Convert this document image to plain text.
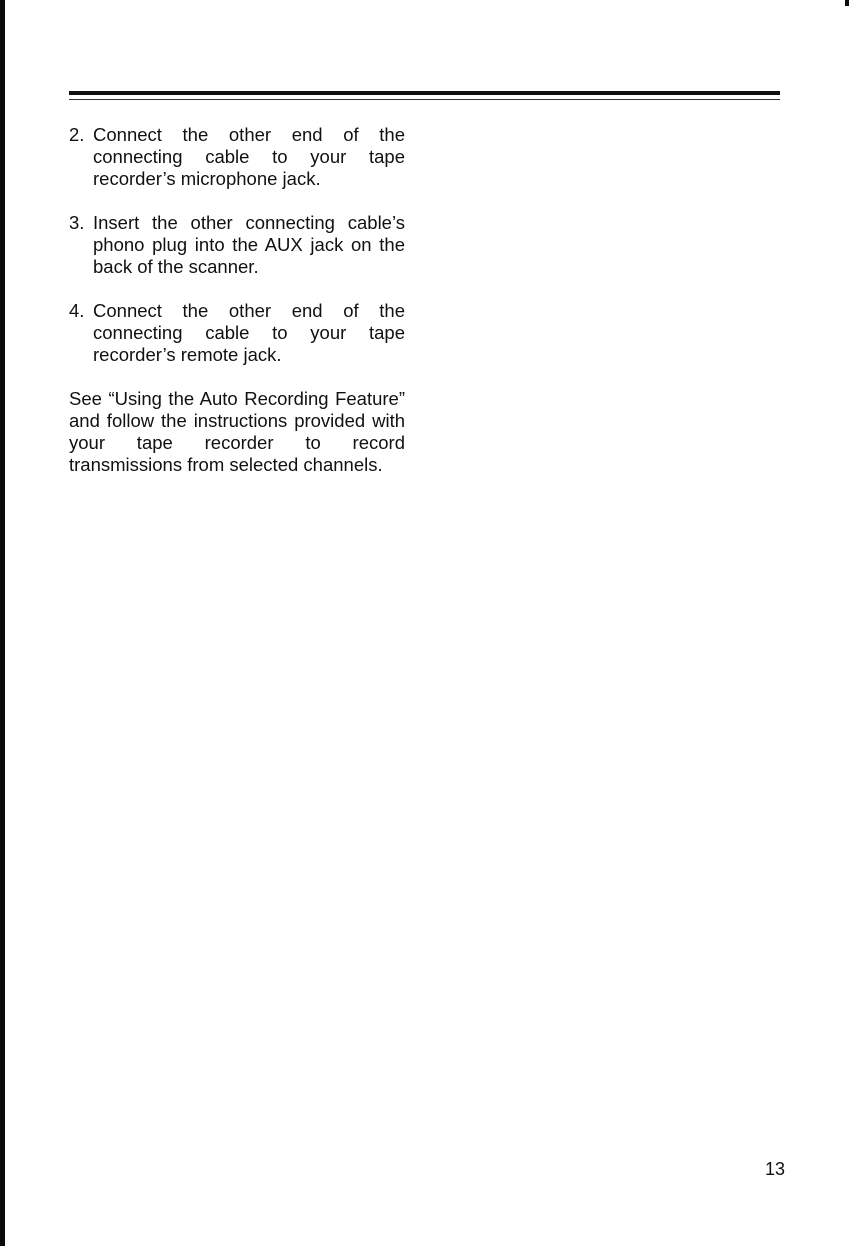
2. Connect the other end of the connecting cable to your tape recorder’s microphone jack.
3. Insert the other connecting cable’s phono plug into the AUX jack on the back of the scanner.
4. Connect the other end of the connecting cable to your tape recorder’s remote jack.

See “Using the Auto Recording Feature” and follow the instructions provided with your tape recorder to record transmissions from selected channels.

13
